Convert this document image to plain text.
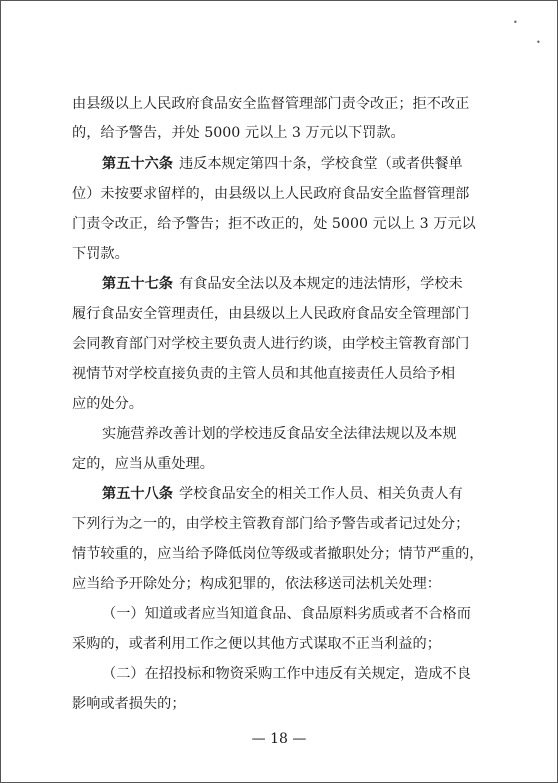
•
•
由县级以上人民政府食品安全监督管理部门责令改正；拒不改正
的，给予警告，并处 5000 元以上 3 万元以下罚款。
第五十六条 违反本规定第四十条，学校食堂（或者供餐单
位）未按要求留样的，由县级以上人民政府食品安全监督管理部
门责令改正，给予警告；拒不改正的，处 5000 元以上 3 万元以
下罚款。
第五十七条 有食品安全法以及本规定的违法情形，学校未
履行食品安全管理责任，由县级以上人民政府食品安全管理部门
会同教育部门对学校主要负责人进行约谈，由学校主管教育部门
视情节对学校直接负责的主管人员和其他直接责任人员给予相
应的处分。
实施营养改善计划的学校违反食品安全法律法规以及本规
定的，应当从重处理。
第五十八条 学校食品安全的相关工作人员、相关负责人有
下列行为之一的，由学校主管教育部门给予警告或者记过处分；
情节较重的，应当给予降低岗位等级或者撤职处分；情节严重的，
应当给予开除处分；构成犯罪的，依法移送司法机关处理：
（一）知道或者应当知道食品、食品原料劣质或者不合格而
采购的，或者利用工作之便以其他方式谋取不正当利益的；
（二）在招投标和物资采购工作中违反有关规定，造成不良
影响或者损失的；
— 18 —
